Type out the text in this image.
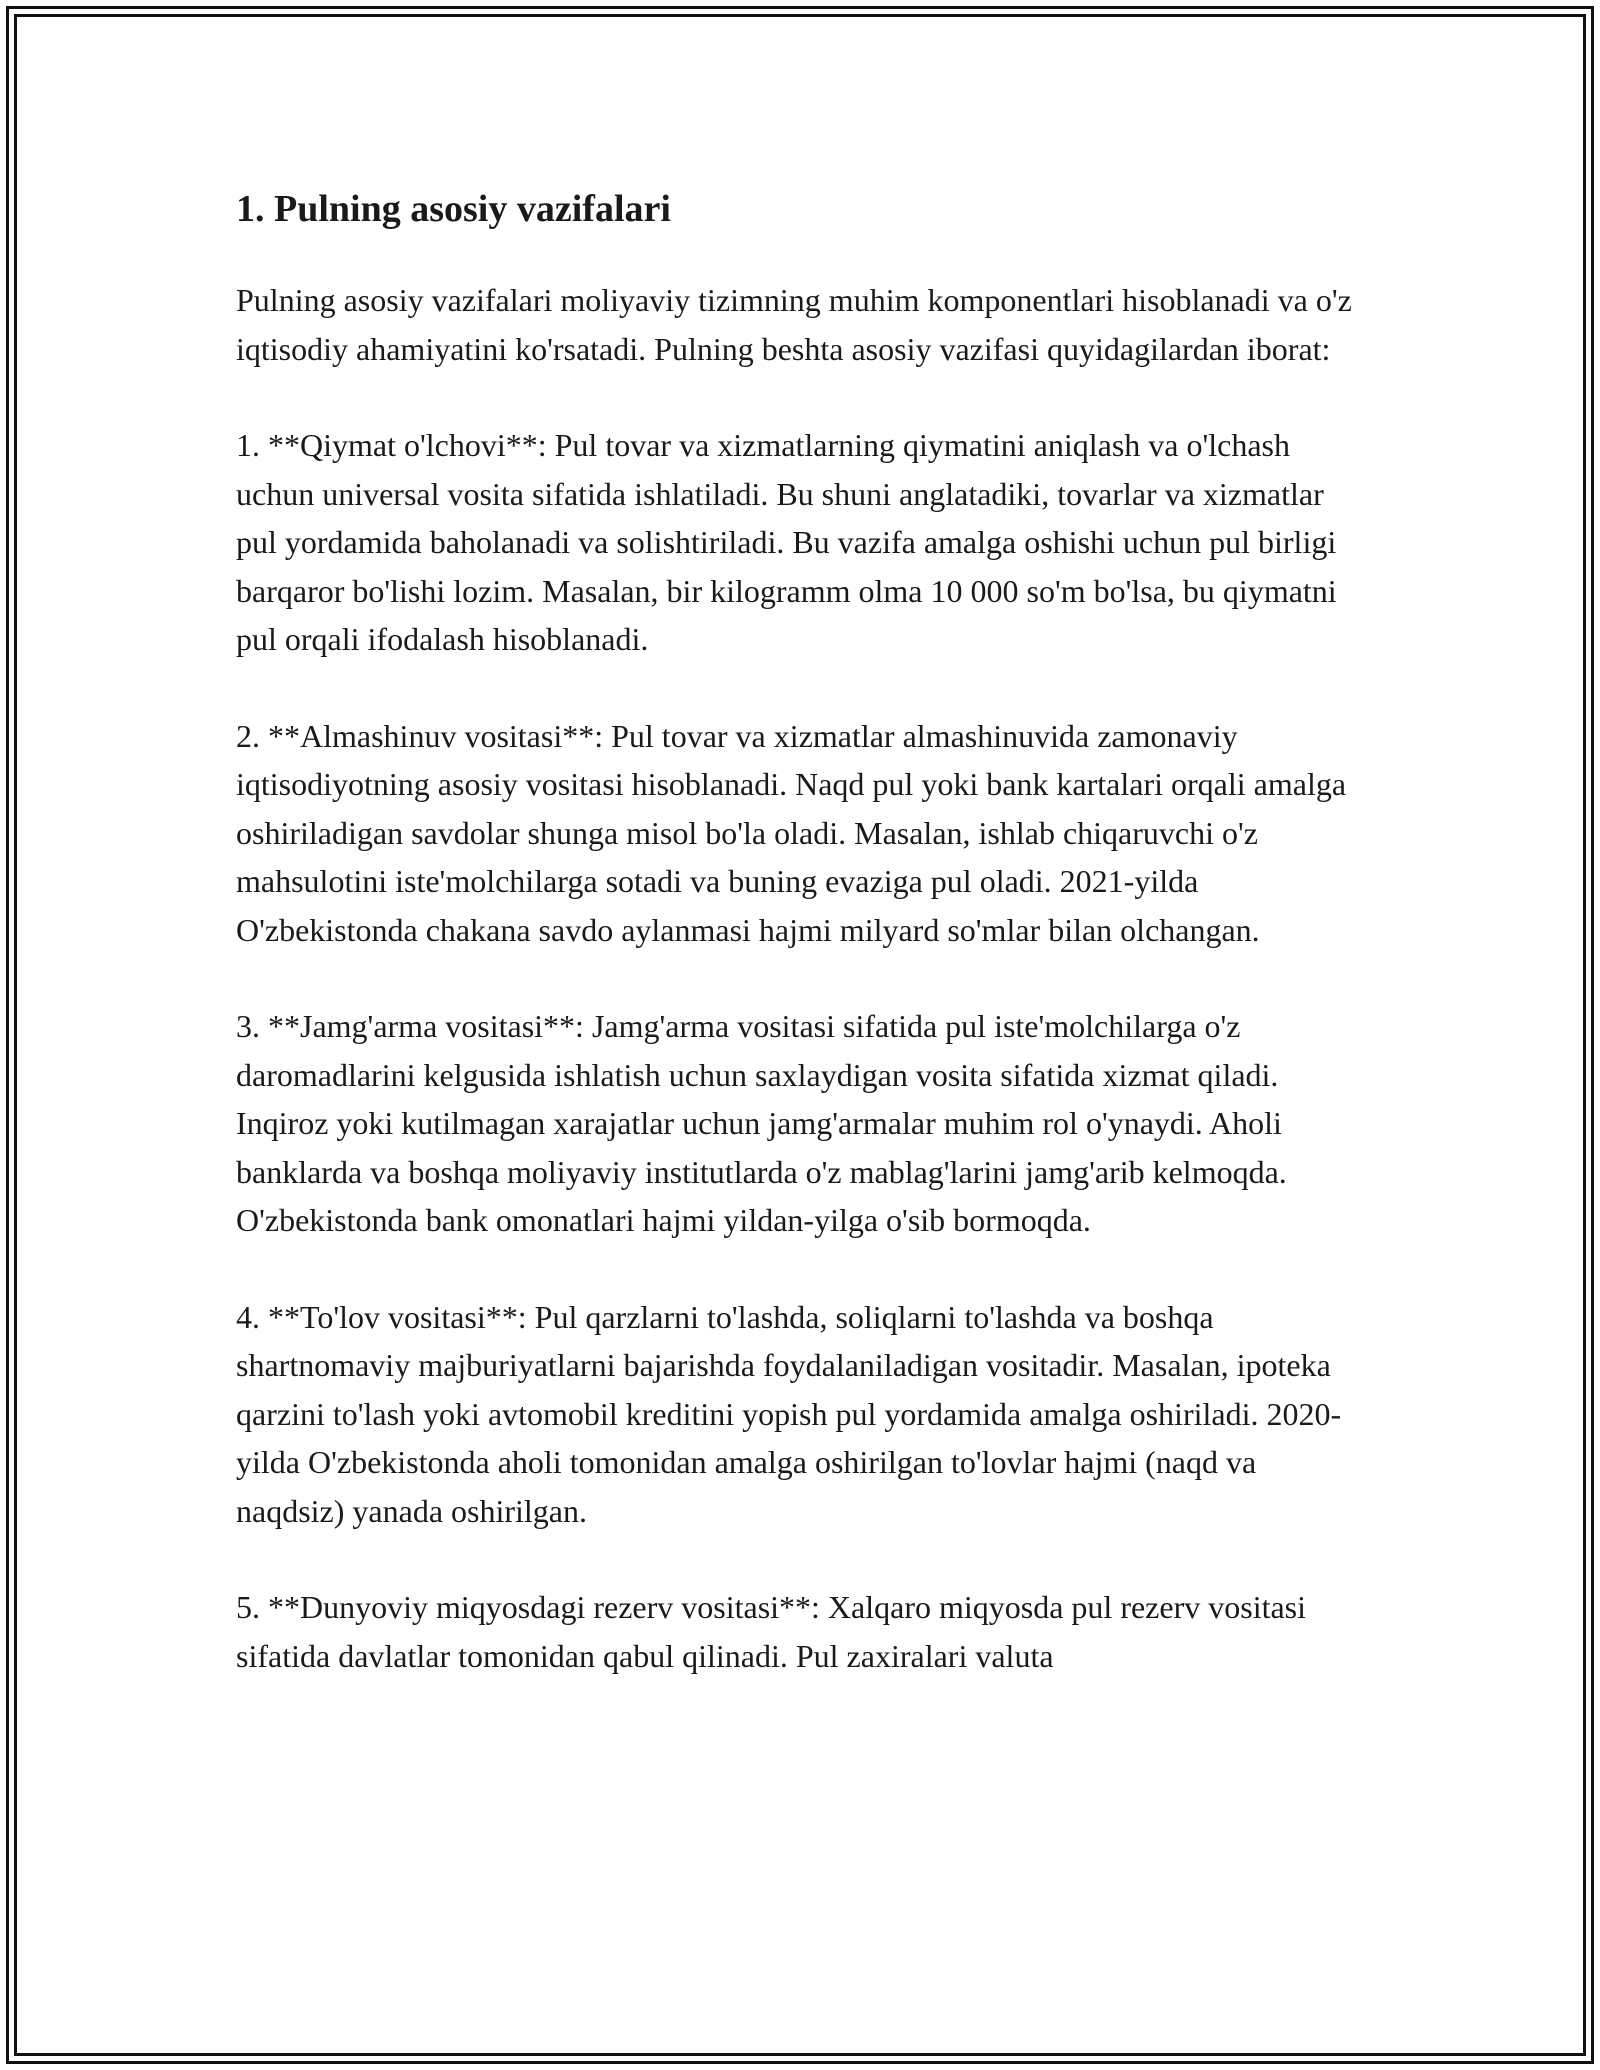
1. Pulning asosiy vazifalari

Pulning asosiy vazifalari moliyaviy tizimning muhim komponentlari hisoblanadi va o'z iqtisodiy ahamiyatini ko'rsatadi. Pulning beshta asosiy vazifasi quyidagilardan iborat:

1. **Qiymat o'lchovi**: Pul tovar va xizmatlarning qiymatini aniqlash va o'lchash uchun universal vosita sifatida ishlatiladi. Bu shuni anglatadiki, tovarlar va xizmatlar pul yordamida baholanadi va solishtiriladi. Bu vazifa amalga oshishi uchun pul birligi barqaror bo'lishi lozim. Masalan, bir kilogramm olma 10 000 so'm bo'lsa, bu qiymatni pul orqali ifodalash hisoblanadi.

2. **Almashinuv vositasi**: Pul tovar va xizmatlar almashinuvida zamonaviy iqtisodiyotning asosiy vositasi hisoblanadi. Naqd pul yoki bank kartalari orqali amalga oshiriladigan savdolar shunga misol bo'la oladi. Masalan, ishlab chiqaruvchi o'z mahsulotini iste'molchilarga sotadi va buning evaziga pul oladi. 2021-yilda O'zbekistonda chakana savdo aylanmasi hajmi milyard so'mlar bilan olchangan.

3. **Jamg'arma vositasi**: Jamg'arma vositasi sifatida pul iste'molchilarga o'z daromadlarini kelgusida ishlatish uchun saxlaydigan vosita sifatida xizmat qiladi. Inqiroz yoki kutilmagan xarajatlar uchun jamg'armalar muhim rol o'ynaydi. Aholi banklarda va boshqa moliyaviy institutlarda o'z mablag'larini jamg'arib kelmoqda. O'zbekistonda bank omonatlari hajmi yildan-yilga o'sib bormoqda.

4. **To'lov vositasi**: Pul qarzlarni to'lashda, soliqlarni to'lashda va boshqa shartnomaviy majburiyatlarni bajarishda foydalaniladigan vositadir. Masalan, ipoteka qarzini to'lash yoki avtomobil kreditini yopish pul yordamida amalga oshiriladi. 2020-yilda O'zbekistonda aholi tomonidan amalga oshirilgan to'lovlar hajmi (naqd va naqdsiz) yanada oshirilgan.

5. **Dunyoviy miqyosdagi rezerv vositasi**: Xalqaro miqyosda pul rezerv vositasi sifatida davlatlar tomonidan qabul qilinadi. Pul zaxiralari valuta
